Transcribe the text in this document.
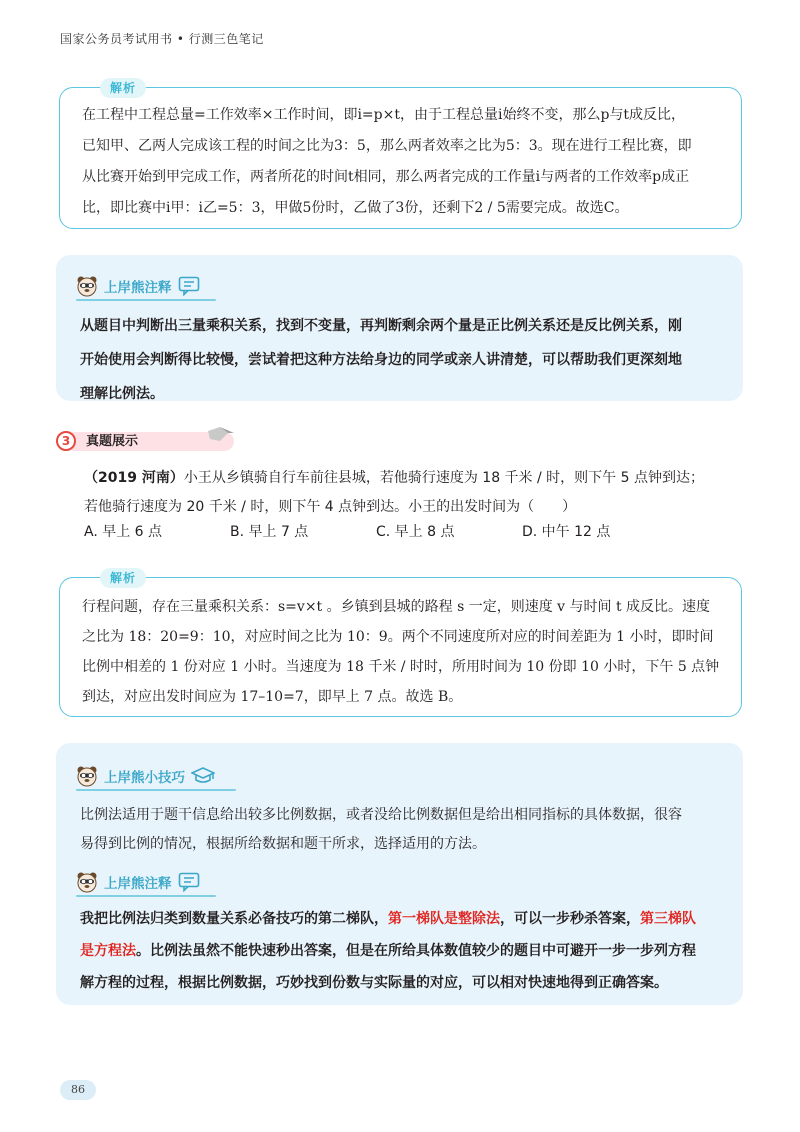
国家公务员考试用书 • 行测三色笔记
解析
在工程中工程总量=工作效率×工作时间，即i=p×t，由于工程总量i始终不变，那么p与t成反比，
已知甲、乙两人完成该工程的时间之比为3：5，那么两者效率之比为5：3。现在进行工程比赛，即
从比赛开始到甲完成工作，两者所花的时间t相同，那么两者完成的工作量i与两者的工作效率p成正
比，即比赛中i甲：i乙=5：3，甲做5份时，乙做了3份，还剩下2 / 5需要完成。故选C。
上岸熊注释
从题目中判断出三量乘积关系，找到不变量，再判断剩余两个量是正比例关系还是反比例关系，刚
开始使用会判断得比较慢，尝试着把这种方法给身边的同学或亲人讲清楚，可以帮助我们更深刻地
理解比例法。
3	真题展示
（2019 河南）小王从乡镇骑自行车前往县城，若他骑行速度为 18 千米 / 时，则下午 5 点钟到达；
若他骑行速度为 20 千米 / 时，则下午 4 点钟到达。小王的出发时间为（　　）
A. 早上 6 点	B. 早上 7 点	C. 早上 8 点	D. 中午 12 点
解析
行程问题，存在三量乘积关系：s=v×t 。乡镇到县城的路程 s 一定，则速度 v 与时间 t 成反比。速度
之比为 18：20=9：10，对应时间之比为 10：9。两个不同速度所对应的时间差距为 1 小时，即时间
比例中相差的 1 份对应 1 小时。当速度为 18 千米 / 时时，所用时间为 10 份即 10 小时，下午 5 点钟
到达，对应出发时间应为 17–10=7，即早上 7 点。故选 B。
上岸熊小技巧
比例法适用于题干信息给出较多比例数据，或者没给比例数据但是给出相同指标的具体数据，很容
易得到比例的情况，根据所给数据和题干所求，选择适用的方法。
上岸熊注释
我把比例法归类到数量关系必备技巧的第二梯队，第一梯队是整除法，可以一步秒杀答案，第三梯队
是方程法。比例法虽然不能快速秒出答案，但是在所给具体数值较少的题目中可避开一步一步列方程
解方程的过程，根据比例数据，巧妙找到份数与实际量的对应，可以相对快速地得到正确答案。
86
